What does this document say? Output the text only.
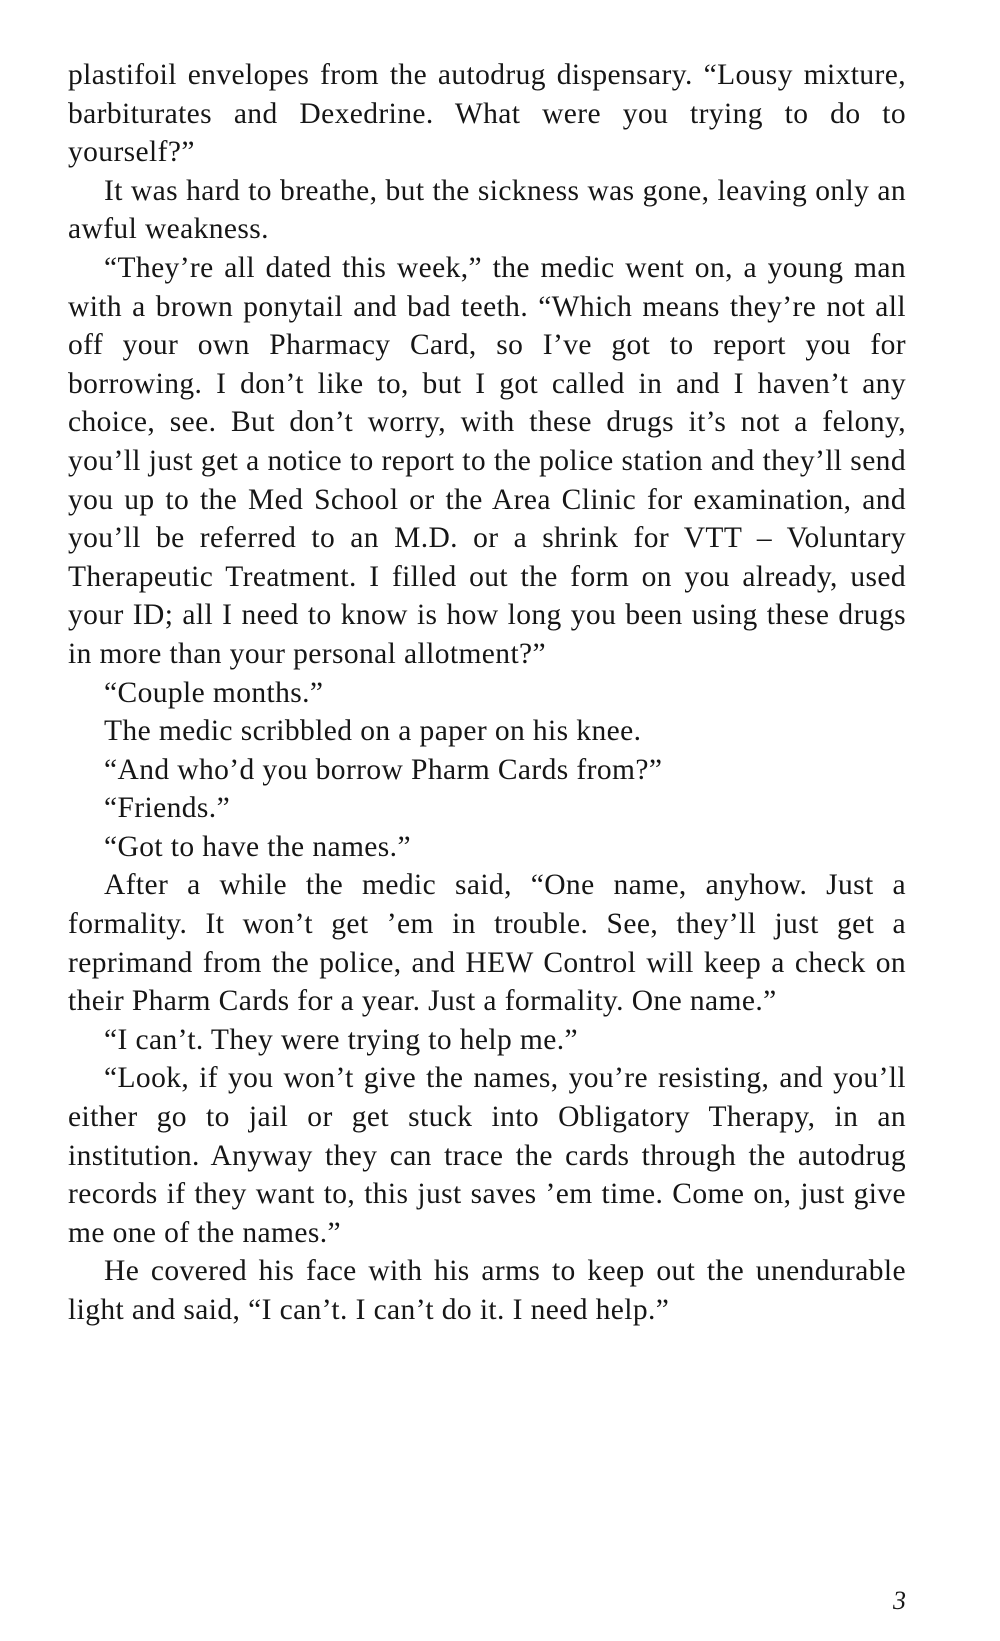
plastifoil envelopes from the autodrug dispensary. “Lousy mixture, barbiturates and Dexedrine. What were you trying to do to yourself?”

It was hard to breathe, but the sickness was gone, leaving only an awful weakness.

“They’re all dated this week,” the medic went on, a young man with a brown ponytail and bad teeth. “Which means they’re not all off your own Pharmacy Card, so I’ve got to report you for borrowing. I don’t like to, but I got called in and I haven’t any choice, see. But don’t worry, with these drugs it’s not a felony, you’ll just get a notice to report to the police station and they’ll send you up to the Med School or the Area Clinic for examination, and you’ll be referred to an M.D. or a shrink for VTT – Voluntary Therapeutic Treatment. I filled out the form on you already, used your ID; all I need to know is how long you been using these drugs in more than your personal allotment?”

“Couple months.”

The medic scribbled on a paper on his knee.

“And who’d you borrow Pharm Cards from?”

“Friends.”

“Got to have the names.”

After a while the medic said, “One name, anyhow. Just a formality. It won’t get ’em in trouble. See, they’ll just get a reprimand from the police, and HEW Control will keep a check on their Pharm Cards for a year. Just a formality. One name.”

“I can’t. They were trying to help me.”

“Look, if you won’t give the names, you’re resisting, and you’ll either go to jail or get stuck into Obligatory Therapy, in an institution. Anyway they can trace the cards through the autodrug records if they want to, this just saves ’em time. Come on, just give me one of the names.”

He covered his face with his arms to keep out the unendurable light and said, “I can’t. I can’t do it. I need help.”

3
